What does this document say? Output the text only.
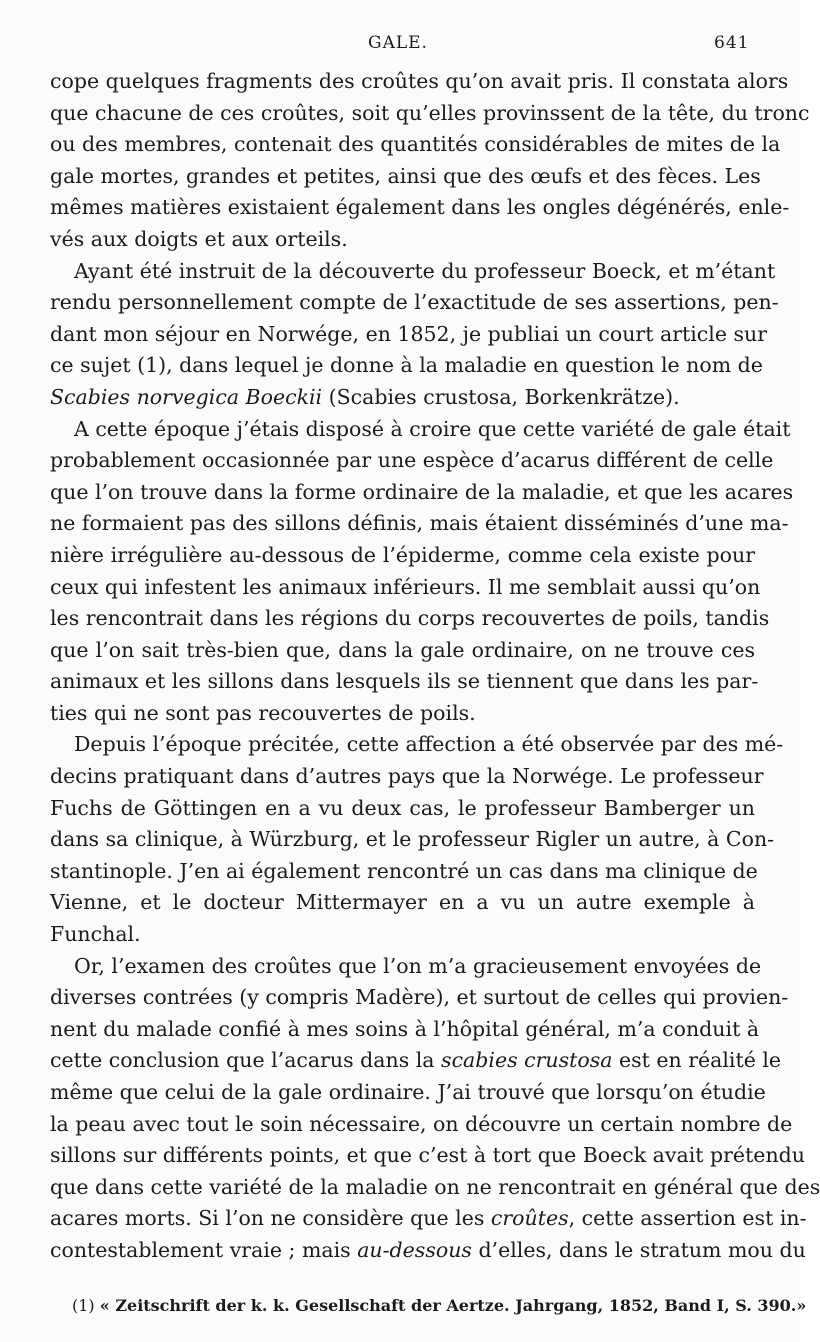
GALE.	641
cope quelques fragments des croûtes qu’on avait pris. Il constata alors
que chacune de ces croûtes, soit qu’elles provinssent de la tête, du tronc
ou des membres, contenait des quantités considérables de mites de la
gale mortes, grandes et petites, ainsi que des œufs et des fèces. Les
mêmes matières existaient également dans les ongles dégénérés, enle-
vés aux doigts et aux orteils.
Ayant été instruit de la découverte du professeur Boeck, et m’étant
rendu personnellement compte de l’exactitude de ses assertions, pen-
dant mon séjour en Norwége, en 1852, je publiai un court article sur
ce sujet (1), dans lequel je donne à la maladie en question le nom de
Scabies norvegica Boeckii (Scabies crustosa, Borkenkrätze).
A cette époque j’étais disposé à croire que cette variété de gale était
probablement occasionnée par une espèce d’acarus différent de celle
que l’on trouve dans la forme ordinaire de la maladie, et que les acares
ne formaient pas des sillons définis, mais étaient disséminés d’une ma-
nière irrégulière au-dessous de l’épiderme, comme cela existe pour
ceux qui infestent les animaux inférieurs. Il me semblait aussi qu’on
les rencontrait dans les régions du corps recouvertes de poils, tandis
que l’on sait très-bien que, dans la gale ordinaire, on ne trouve ces
animaux et les sillons dans lesquels ils se tiennent que dans les par-
ties qui ne sont pas recouvertes de poils.
Depuis l’époque précitée, cette affection a été observée par des mé-
decins pratiquant dans d’autres pays que la Norwége. Le professeur
Fuchs de Göttingen en a vu deux cas, le professeur Bamberger un
dans sa clinique, à Würzburg, et le professeur Rigler un autre, à Con-
stantinople. J’en ai également rencontré un cas dans ma clinique de
Vienne, et le docteur Mittermayer en a vu un autre exemple à
Funchal.
Or, l’examen des croûtes que l’on m’a gracieusement envoyées de
diverses contrées (y compris Madère), et surtout de celles qui provien-
nent du malade confié à mes soins à l’hôpital général, m’a conduit à
cette conclusion que l’acarus dans la scabies crustosa est en réalité le
même que celui de la gale ordinaire. J’ai trouvé que lorsqu’on étudie
la peau avec tout le soin nécessaire, on découvre un certain nombre de
sillons sur différents points, et que c’est à tort que Boeck avait prétendu
que dans cette variété de la maladie on ne rencontrait en général que des
acares morts. Si l’on ne considère que les croûtes, cette assertion est in-
contestablement vraie ; mais au-dessous d’elles, dans le stratum mou du
(1) « Zeitschrift der k. k. Gesellschaft der Aertze. Jahrgang, 1852, Band I, S. 390.»
